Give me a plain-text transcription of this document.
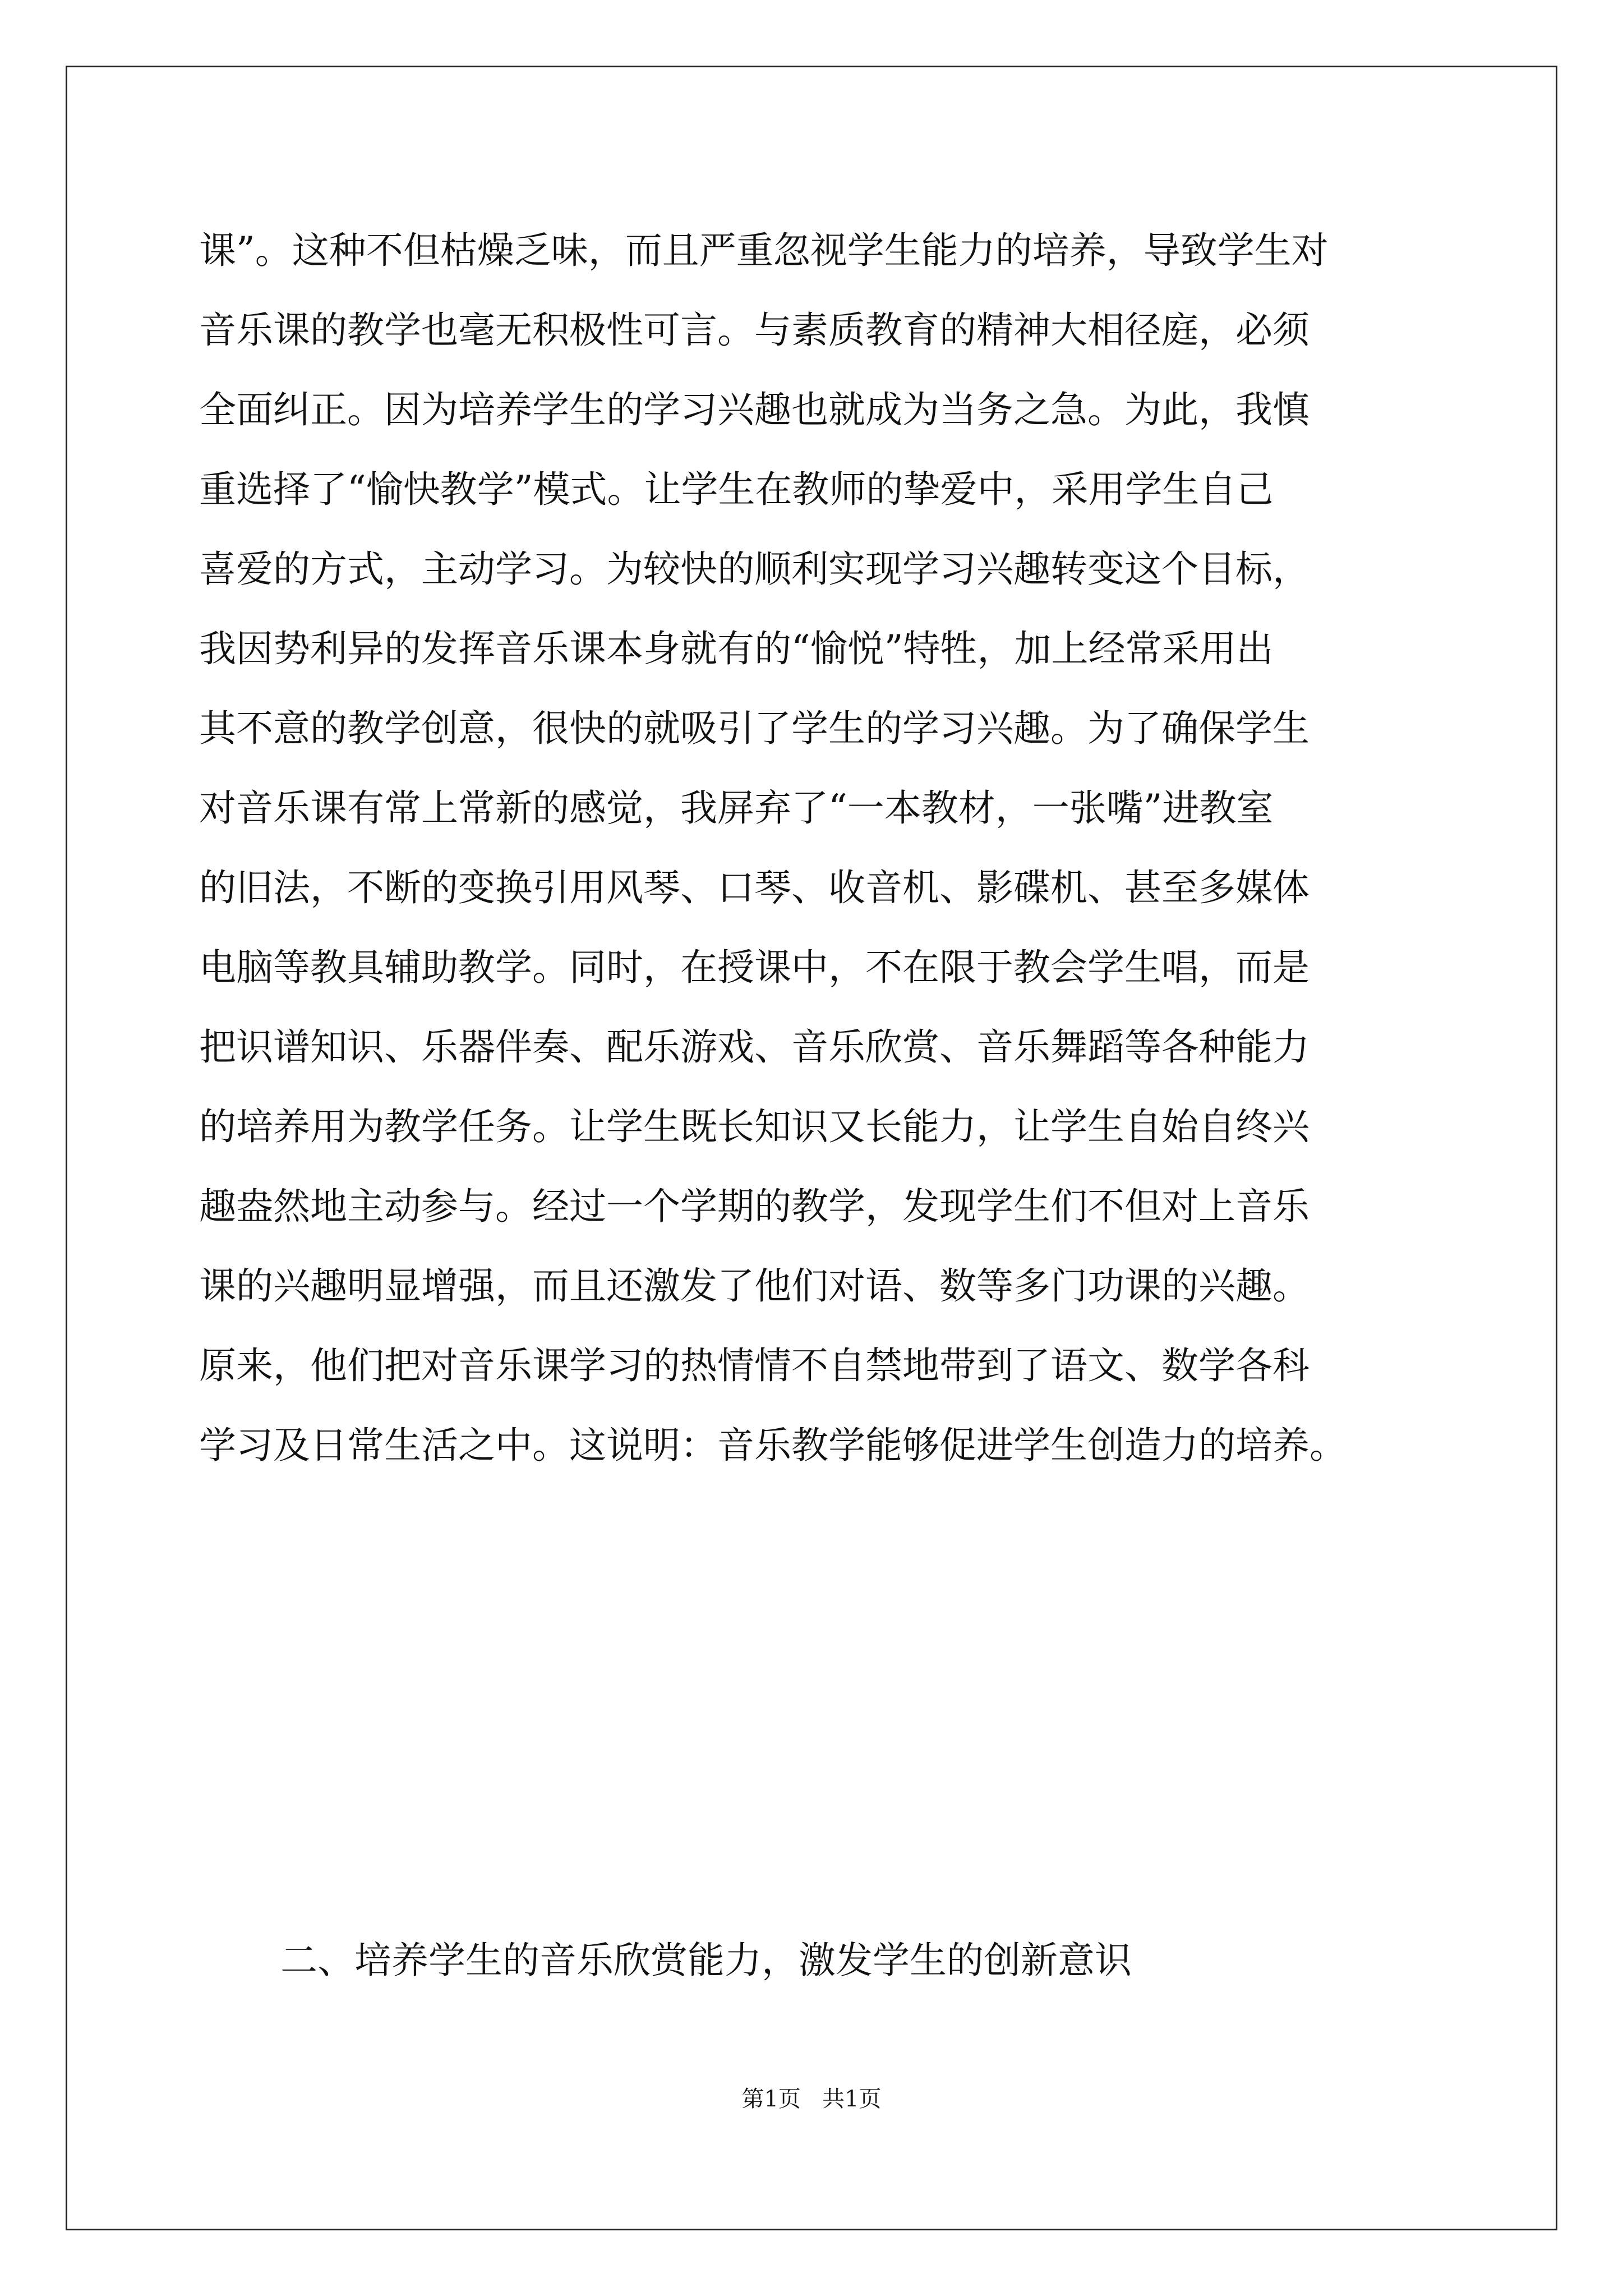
课”。这种不但枯燥乏味，而且严重忽视学生能力的培养，导致学生对
音乐课的教学也毫无积极性可言。与素质教育的精神大相径庭，必须
全面纠正。因为培养学生的学习兴趣也就成为当务之急。为此，我慎
重选择了“愉快教学”模式。让学生在教师的挚爱中，采用学生自己
喜爱的方式，主动学习。为较快的顺利实现学习兴趣转变这个目标，
我因势利异的发挥音乐课本身就有的“愉悦”特牲，加上经常采用出
其不意的教学创意，很快的就吸引了学生的学习兴趣。为了确保学生
对音乐课有常上常新的感觉，我屏弃了“一本教材，一张嘴”进教室
的旧法，不断的变换引用风琴、口琴、收音机、影碟机、甚至多媒体
电脑等教具辅助教学。同时，在授课中，不在限于教会学生唱，而是
把识谱知识、乐器伴奏、配乐游戏、音乐欣赏、音乐舞蹈等各种能力
的培养用为教学任务。让学生既长知识又长能力，让学生自始自终兴
趣盎然地主动参与。经过一个学期的教学，发现学生们不但对上音乐
课的兴趣明显增强，而且还激发了他们对语、数等多门功课的兴趣。
原来，他们把对音乐课学习的热情情不自禁地带到了语文、数学各科
学习及日常生活之中。这说明：音乐教学能够促进学生创造力的培养。
二、培养学生的音乐欣赏能力，激发学生的创新意识
第1页   共1页
